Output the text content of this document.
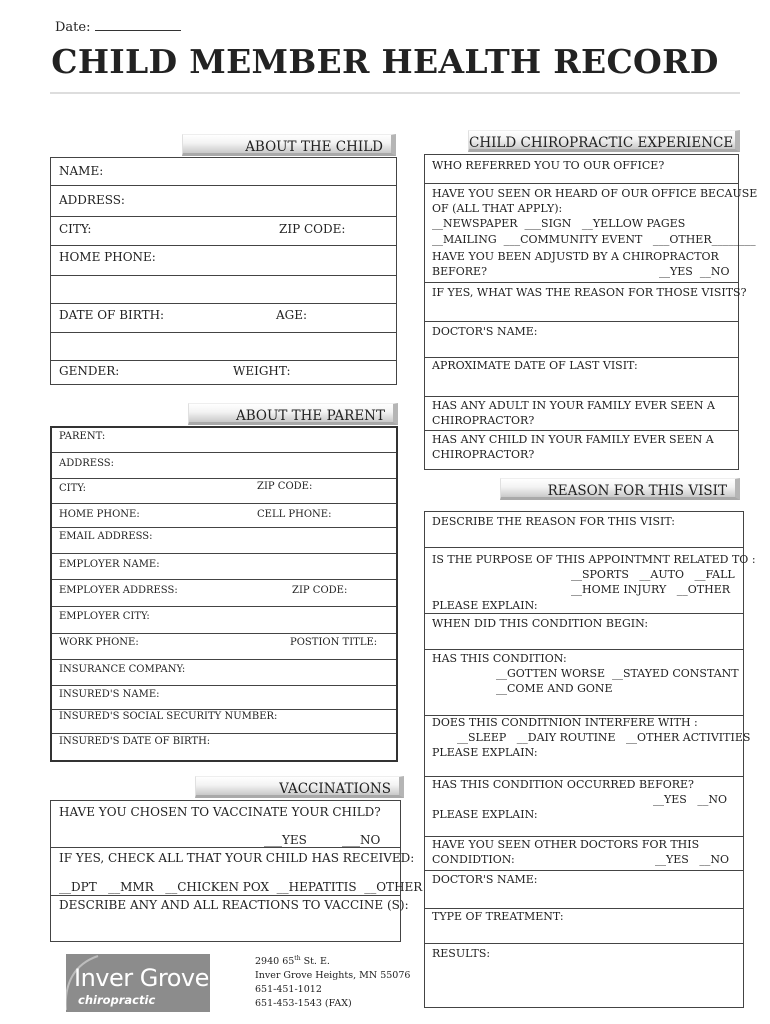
Date:
CHILD MEMBER HEALTH RECORD
ABOUT THE CHILD
NAME:
ADDRESS:
CITY:	ZIP CODE:
HOME PHONE:
DATE OF BIRTH:	AGE:
GENDER:	WEIGHT:
ABOUT THE PARENT
PARENT:
ADDRESS:
CITY:	ZIP CODE:
HOME PHONE:	CELL PHONE:
EMAIL ADDRESS:
EMPLOYER NAME:
EMPLOYER ADDRESS:	ZIP CODE:
EMPLOYER CITY:
WORK PHONE:	POSTION TITLE:
INSURANCE COMPANY:
INSURED'S NAME:
INSURED'S SOCIAL SECURITY NUMBER:
INSURED'S DATE OF BIRTH:
VACCINATIONS
HAVE YOU CHOSEN TO VACCINATE YOUR CHILD?
___YES	___NO
IF YES, CHECK ALL THAT YOUR CHILD HAS RECEIVED:
__DPT   __MMR   __CHICKEN POX  __HEPATITIS  __OTHER
DESCRIBE ANY AND ALL REACTIONS TO VACCINE (S):
CHILD CHIROPRACTIC EXPERIENCE
WHO REFERRED YOU TO OUR OFFICE?
HAVE YOU SEEN OR HEARD OF OUR OFFICE BECAUSE
OF (ALL THAT APPLY):
__NEWSPAPER  ___SIGN   __YELLOW PAGES
__MAILING  ___COMMUNITY EVENT   ___OTHER________
HAVE YOU BEEN ADJUSTD BY A CHIROPRACTOR
BEFORE?	__YES  __NO
IF YES, WHAT WAS THE REASON FOR THOSE VISITS?
DOCTOR'S NAME:
APROXIMATE DATE OF LAST VISIT:
HAS ANY ADULT IN YOUR FAMILY EVER SEEN A
CHIROPRACTOR?
HAS ANY CHILD IN YOUR FAMILY EVER SEEN A
CHIROPRACTOR?
REASON FOR THIS VISIT
DESCRIBE THE REASON FOR THIS VISIT:
IS THE PURPOSE OF THIS APPOINTMNT RELATED TO :
__SPORTS   __AUTO   __FALL
__HOME INJURY   __OTHER
PLEASE EXPLAIN:
WHEN DID THIS CONDITION BEGIN:
HAS THIS CONDITION:
__GOTTEN WORSE  __STAYED CONSTANT
__COME AND GONE
DOES THIS CONDITNION INTERFERE WITH :
__SLEEP   __DAIY ROUTINE   __OTHER ACTIVITIES
PLEASE EXPLAIN:
HAS THIS CONDITION OCCURRED BEFORE?
__YES   __NO
PLEASE EXPLAIN:
HAVE YOU SEEN OTHER DOCTORS FOR THIS
CONDIDTION:	__YES   __NO
DOCTOR'S NAME:
TYPE OF TREATMENT:
RESULTS:
Inver Grove
chiropractic
2940 65th St. E.
Inver Grove Heights, MN 55076
651-451-1012
651-453-1543 (FAX)
